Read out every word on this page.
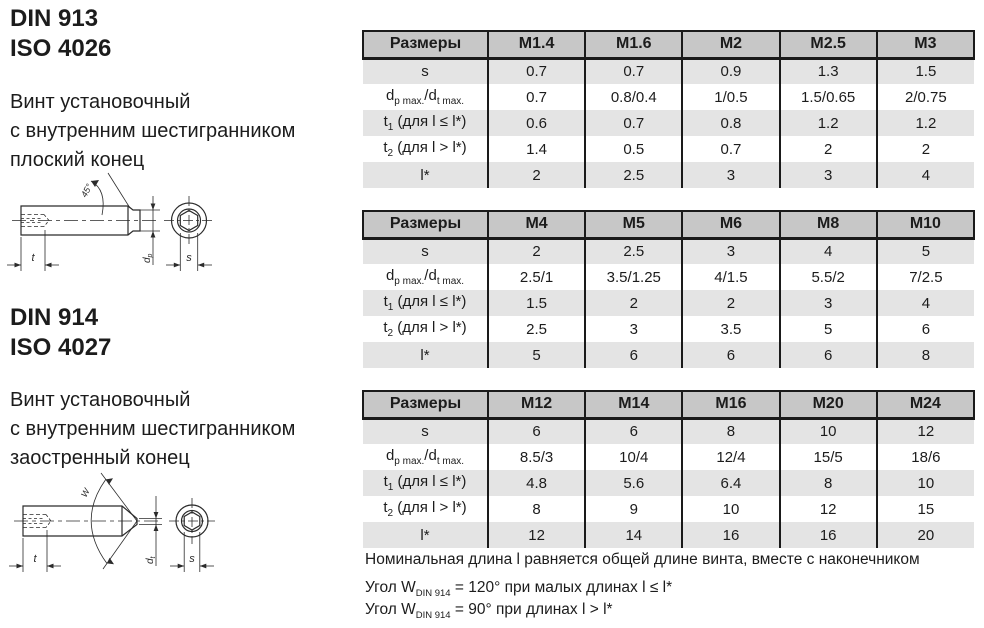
DIN 913
ISO 4026
Винт установочный
с внутренним шестигранником
плоский конец
45°
$d_p$
t	s
DIN 914
ISO 4027
Винт установочный
с внутренним шестигранником
заостренный конец
W
$d_t$
t	s
Размеры	M1.4	M1.6	M2	M2.5	M3
s	0.7	0.7	0.9	1.3	1.5
$d_{p max.}/d_{t max.}$	0.7	0.8/0.4	1/0.5	1.5/0.65	2/0.75
$t_1$ (для l ≤ l*)	0.6	0.7	0.8	1.2	1.2
$t_2$ (для l > l*)	1.4	0.5	0.7	2	2
l*	2	2.5	3	3	4
Размеры	M4	M5	M6	M8	M10
s	2	2.5	3	4	5
$d_{p max.}/d_{t max.}$	2.5/1	3.5/1.25	4/1.5	5.5/2	7/2.5
$t_1$ (для l ≤ l*)	1.5	2	2	3	4
$t_2$ (для l > l*)	2.5	3	3.5	5	6
l*	5	6	6	6	8
Размеры	M12	M14	M16	M20	M24
s	6	6	8	10	12
$d_{p max.}/d_{t max.}$	8.5/3	10/4	12/4	15/5	18/6
$t_1$ (для l ≤ l*)	4.8	5.6	6.4	8	10
$t_2$ (для l > l*)	8	9	10	12	15
l*	12	14	16	16	20
Номинальная длина l равняется общей длине винта, вместе с наконечником
Угол $W_{DIN 914} = 120^\circ$ при малых длинах l ≤ l*
Угол $W_{DIN 914} = 90^\circ$ при длинах l > l*
